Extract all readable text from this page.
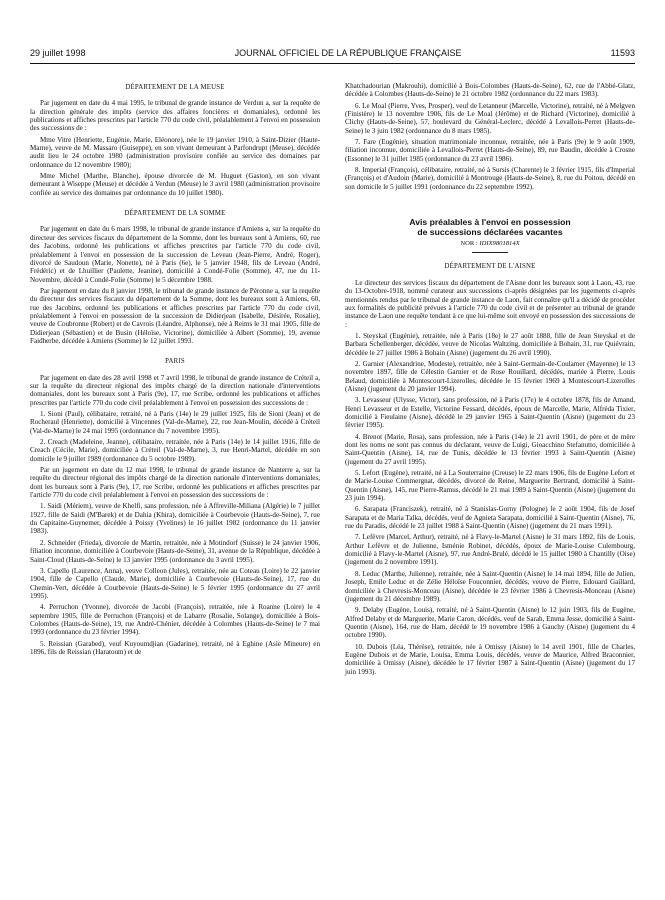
29 juillet 1998	JOURNAL OFFICIEL DE LA RÉPUBLIQUE FRANÇAISE	11593
DÉPARTEMENT DE LA MEUSE

Par jugement en date du 4 mai 1995, le tribunal de grande instance de Verdun a, sur la requête de la direction générale des impôts (service des affaires foncières et domaniales), ordonné les publications et affiches prescrites par l'article 770 du code civil, préalablement à l'envoi en possession des successions de :

Mme Vitre (Henriette, Eugénie, Marie, Eléonore), née le 19 janvier 1910, à Saint-Dizier (Haute-Marne), veuve de M. Massaro (Guiseppe), en son vivant demeurant à Parfondrupt (Meuse), décédée audit lieu le 24 octobre 1980 (administration provisoire confiée au service des domaines par ordonnance du 12 novembre 1980);

Mme Michel (Marthe, Blanche), épouse divorcée de M. Huguet (Gaston), en son vivant demeurant à Wiseppe (Meuse) et décédée à Verdun (Meuse) le 3 avril 1980 (administration provisoire confiée au service des domaines par ordonnance du 10 juillet 1980).

DÉPARTEMENT DE LA SOMME

Par jugement en date du 6 mars 1998, le tribunal de grande instance d'Amiens a, sur la requête du directeur des services fiscaux du département de la Somme, dont les bureaux sont à Amiens, 60, rue des Jacobins, ordonné les publications et affiches prescrites par l'article 770 du code civil, préalablement à l'envoi en possession de la succession de Leveau (Jean-Pierre, André, Roger), divorcé de Saudoun (Marie, Nonette), né à Paris (6e), le 5 janvier 1948, fils de Leveau (André, Frédéric) et de Lhuillier (Paulette, Jeanine), domicilié à Condé-Folie (Somme), 47, rue du 11-Novembre, décédé à Condé-Folie (Somme) le 5 décembre 1988.

Par jugement en date du 8 janvier 1998, le tribunal de grande instance de Péronne a, sur la requête du directeur des services fiscaux du département de la Somme, dont les bureaux sont à Amiens, 60, rue des Jacobins, ordonné les publications et affiches prescrites par l'article 770 du code civil, préalablement à l'envoi en possession de la succession de Didierjean (Isabelle, Désirée, Rosalie), veuve de Coubronne (Robert) et de Cavrois (Léandre, Alphonse), née à Reims le 31 mai 1905, fille de Didierjean (Sébastien) et de Busin (Héloïse, Victorine), domiciliée à Albert (Somme), 19, avenue Faidherbe, décédée à Amiens (Somme) le 12 juillet 1993.

PARIS

Par jugement en date des 28 avril 1998 et 7 avril 1998, le tribunal de grande instance de Créteil a, sur la requête du directeur régional des impôts chargé de la direction nationale d'interventions domaniales, dont les bureaux sont à Paris (9e), 17, rue Scribe, ordonné les publications et affiches prescrites par l'article 770 du code civil préalablement à l'envoi en possession des successions de :

1. Sioni (Paul), célibataire, retraité, né à Paris (14e) le 29 juillet 1925, fils de Sioni (Jean) et de Rocheraul (Henriette), domicilié à Vincennes (Val-de-Marne), 22, rue Jean-Moulin, décédé à Créteil (Val-de-Marne) le 24 mai 1995 (ordonnance du 7 novembre 1995).

2. Creach (Madeleine, Jeanne), célibataire, retraitée, née à Paris (14e) le 14 juillet 1916, fille de Creach (Cécile, Marie), domiciliée à Créteil (Val-de-Marne), 3, rue Henri-Martel, décédée en son domicile le 9 juillet 1989 (ordonnance du 5 octobre 1989).

Par un jugement en date du 12 mai 1998, le tribunal de grande instance de Nanterre a, sur la requête du directeur régional des impôts chargé de la direction nationale d'interventions domaniales, dont les bureaux sont à Paris (9e), 17, rue Scribe, ordonné les publications et affiches prescrites par l'article 770 du code civil préalablement à l'envoi en possession des successions de :

1. Saidi (Mériem), veuve de Khelfi, sans profession, née à Affreville-Miliana (Algérie) le 7 juillet 1927, fille de Saidi (M'Barek) et de Dahia (Khira), domiciliée à Courbevoie (Hauts-de-Seine), 7, rue du Capitaine-Guynemer, décédée à Poissy (Yvelines) le 16 juillet 1982 (ordonnance du 11 janvier 1983).

2. Schneider (Frieda), divorcée de Martin, retraitée, née à Motindorf (Suisse) le 24 janvier 1906, filiation inconnue, domiciliée à Courbevoie (Hauts-de-Seine), 31, avenue de la République, décédée à Saint-Cloud (Hauts-de-Seine) le 13 janvier 1995 (ordonnance du 3 avril 1995).

3. Capello (Laurence, Anna), veuve Colleon (Jules), retraitée, née au Coteau (Loire) le 22 janvier 1904, fille de Capello (Claude, Marie), domiciliée à Courbevoie (Hauts-de-Seine), 17, rue du Chemin-Vert, décédée à Courbevoie (Hauts-de-Seine) le 5 février 1995 (ordonnance du 27 avril 1995).

4. Perruchon (Yvonne), divorcée de Jacobi (François), retraitée, née à Roanne (Loire) le 4 septembre 1905, fille de Perruchon (François) et de Labarre (Rosalie, Solange), domiciliée à Bois-Colombes (Hauts-de-Seine), 19, rue André-Chénier, décédée à Colombes (Hauts-de-Seine) le 7 mai 1993 (ordonnance du 23 février 1994).

5. Reissian (Garabed), veuf Kuyoumdjian (Gadarine), retraité, né à Eghine (Asie Mineure) en 1896, fils de Reissian (Haratoum) et de

Khatchadourian (Makrouhi), domicilié à Bois-Colombes (Hauts-de-Seine), 62, rue de l'Abbé-Glatz, décédée à Colombes (Hauts-de-Seine) le 21 octobre 1982 (ordonnance du 22 mars 1983).

6. Le Moal (Pierre, Yves, Prosper), veuf de Letanneur (Marcelle, Victorine), retraité, né à Melgven (Finistère) le 13 novembre 1906, fils de Le Moal (Jérôme) et de Richard (Victorine), domicilié à Clichy (Hauts-de-Seine), 57, boulevard du Général-Leclerc, décédé à Levallois-Perret (Hauts-de-Seine) le 3 juin 1982 (ordonnance du 8 mars 1985).

7. Fare (Eugénie), situation matrimoniale inconnue, retraitée, née à Paris (9e) le 9 août 1909, filiation inconnue, domiciliée à Levallois-Perret (Hauts-de-Seine), 89, rue Baudin, décédée à Crosne (Essonne) le 31 juillet 1985 (ordonnance du 23 avril 1986).

8. Imperial (François), célibataire, retraité, né à Sursis (Charente) le 3 février 1915, fils d'Imperial (François) et d'Audoin (Marie), domicilié à Montrouge (Hauts-de-Seine), 8, rue du Poitou, décédé en son domicile le 5 juillet 1991 (ordonnance du 22 septembre 1992).

Avis préalables à l'envoi en possession
de successions déclarées vacantes
NOR : IDIX9801814X
DÉPARTEMENT DE L'AISNE

Le directeur des services fiscaux du département de l'Aisne dont les bureaux sont à Laon, 43, rue du 13-Octobre-1918, nommé curateur aux successions ci-après désignées par les jugements ci-après mentionnés rendus par le tribunal de grande instance de Laon, fait connaître qu'il a décidé de procéder aux formalités de publicité prévues à l'article 770 du code civil et de présenter au tribunal de grande instance de Laon une requête tendant à ce que lui-même soit envoyé en possession des successions de :

1. Steyskal (Eugénie), retraitée, née à Paris (18e) le 27 août 1888, fille de Jean Steyskal et de Barbara Schellenberger, décédée, veuve de Nicolas Waltzing, domiciliée à Bohain, 31, rue Quiévrain, décédée le 27 juillet 1986 à Bohain (Aisne) (jugement du 26 avril 1990).

2. Garnier (Alexandrine, Modeste), retraitée, née à Saint-Germain-de-Coulamer (Mayenne) le 13 novembre 1897, fille de Célestin Garnier et de Rose Rouillard, décédés, mariée à Pierre, Louis Belaud, domiciliée à Montescourt-Lizerolles, décédée le 15 février 1969 à Montescourt-Lizerolles (Aisne) (jugement du 20 janvier 1994).

3. Levasseur (Ulysse, Victor), sans profession, né à Paris (17e) le 4 octobre 1878, fils de Amand, Henri Levasseur et de Estelle, Victorine Fessard, décédés, époux de Marcelle, Marie, Alfréda Tixier, domicilié à Fieulaine (Aisne), décédé le 29 janvier 1965 à Saint-Quentin (Aisne) (jugement du 23 février 1995).

4. Brenot (Marie, Rosa), sans profession, née à Paris (14e) le 21 avril 1901, de père et de mère dont les noms ne sont pas connus du déclarant, veuve de Luigi, Gioacchino Stefanutto, domiciliée à Saint-Quentin (Aisne), 14, rue de Tunis, décédée le 13 février 1993 à Saint-Quentin (Aisne) (jugement du 27 avril 1995).

5. Lefort (Eugène), retraité, né à La Souterraine (Creuse) le 22 mars 1906, fils de Eugène Lefort et de Marie-Louise Commergnat, décédés, divorcé de Reine, Marguerite Bertrand, domicilié à Saint-Quentin (Aisne), 145, rue Pierre-Ramus, décédé le 21 mai 1989 à Saint-Quentin (Aisne) (jugement du 23 juin 1994).

6. Sarapata (Franciszek), retraité, né à Stanislas-Gorny (Pologne) le 2 août 1904, fils de Josef Sarapata et de Maria Talka, décédés, veuf de Agnieta Sarapata, domicilié à Saint-Quentin (Aisne), 76, rue du Paradis, décédé le 23 juillet 1988 à Saint-Quentin (Aisne) (jugement du 21 mars 1991).

7. Lefèvre (Marcel, Arthur), retraité, né à Flavy-le-Martel (Aisne) le 31 mars 1892, fils de Louis, Arthur Lefèvre et de Julienne, Isménie Robinet, décédés, époux de Marie-Louise Culembourg, domicilié à Flavy-le-Martel (Aisne), 97, rue André-Brulé, décédé le 15 juillet 1980 à Chantilly (Oise) (jugement du 2 novembre 1991).

8. Leduc (Marthe, Julienne), retraitée, née à Saint-Quentin (Aisne) le 14 mai 1894, fille de Julien, Joseph, Emile Leduc et de Zélie Héloïse Fouconnier, décédés, veuve de Pierre, Edouard Gaillard, domiciliée à Chevresis-Monceau (Aisne), décédée le 23 février 1986 à Chevresis-Monceau (Aisne) (jugement du 21 décembre 1989).

9. Delaby (Eugène, Louis), retraité, né à Saint-Quentin (Aisne) le 12 juin 1903, fils de Eugène, Alfred Delaby et de Marguerite, Marie Caron, décédés, veuf de Sarah, Emma Jesse, domicilié à Saint-Quentin (Aisne), 164, rue de Ham, décédé le 19 novembre 1986 à Gauchy (Aisne) (jugement du 4 octobre 1990).

10. Dubois (Léa, Thérèse), retraitée, née à Omissy (Aisne) le 14 avril 1901, fille de Charles, Eugène Dubois et de Marie, Louisa, Emma Louis, décédés, veuve de Maurice, Alfred Braconnier, domiciliée à Omissy (Aisne), décédée le 17 février 1987 à Saint-Quentin (Aisne) (jugement du 17 juin 1993).
